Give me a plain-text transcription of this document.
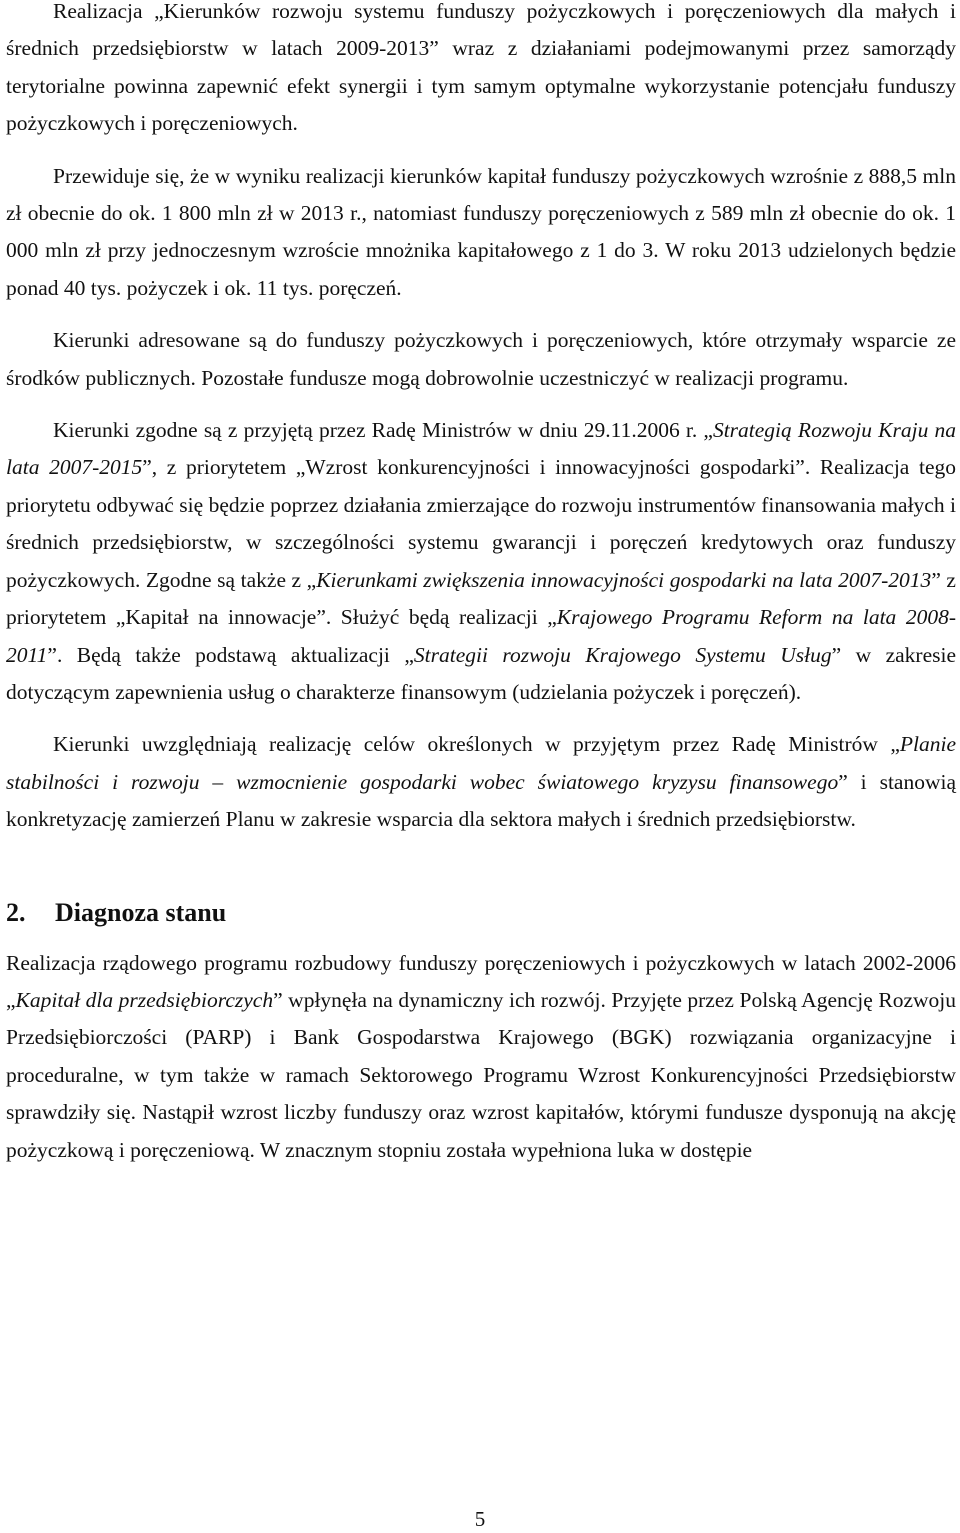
Realizacja „Kierunków rozwoju systemu funduszy pożyczkowych i poręczeniowych dla małych i średnich przedsiębiorstw w latach 2009-2013” wraz z działaniami podejmowanymi przez samorządy terytorialne powinna zapewnić efekt synergii i tym samym optymalne wykorzystanie potencjału funduszy pożyczkowych i poręczeniowych.

Przewiduje się, że w wyniku realizacji kierunków kapitał funduszy pożyczkowych wzrośnie z 888,5 mln zł obecnie do ok. 1 800 mln zł w 2013 r., natomiast funduszy poręczeniowych z 589 mln zł obecnie do ok. 1 000 mln zł przy jednoczesnym wzroście mnożnika kapitałowego z 1 do 3. W roku 2013 udzielonych będzie ponad 40 tys. pożyczek i ok. 11 tys. poręczeń.

Kierunki adresowane są do funduszy pożyczkowych i poręczeniowych, które otrzymały wsparcie ze środków publicznych. Pozostałe fundusze mogą dobrowolnie uczestniczyć w realizacji programu.

Kierunki zgodne są z przyjętą przez Radę Ministrów w dniu 29.11.2006 r. „Strategią Rozwoju Kraju na lata 2007-2015”, z priorytetem „Wzrost konkurencyjności i innowacyjności gospodarki”. Realizacja tego priorytetu odbywać się będzie poprzez działania zmierzające do rozwoju instrumentów finansowania małych i średnich przedsiębiorstw, w szczególności systemu gwarancji i poręczeń kredytowych oraz funduszy pożyczkowych. Zgodne są także z „Kierunkami zwiększenia innowacyjności gospodarki na lata 2007-2013” z priorytetem „Kapitał na innowacje”. Służyć będą realizacji „Krajowego Programu Reform na lata 2008-2011”. Będą także podstawą aktualizacji „Strategii rozwoju Krajowego Systemu Usług” w zakresie dotyczącym zapewnienia usług o charakterze finansowym (udzielania pożyczek i poręczeń).

Kierunki uwzględniają realizację celów określonych w przyjętym przez Radę Ministrów „Planie stabilności i rozwoju – wzmocnienie gospodarki wobec światowego kryzysu finansowego” i stanowią konkretyzację zamierzeń Planu w zakresie wsparcia dla sektora małych i średnich przedsiębiorstw.

2. Diagnoza stanu

Realizacja rządowego programu rozbudowy funduszy poręczeniowych i pożyczkowych w latach 2002-2006 „Kapitał dla przedsiębiorczych” wpłynęła na dynamiczny ich rozwój. Przyjęte przez Polską Agencję Rozwoju Przedsiębiorczości (PARP) i Bank Gospodarstwa Krajowego (BGK) rozwiązania organizacyjne i proceduralne, w tym także w ramach Sektorowego Programu Wzrost Konkurencyjności Przedsiębiorstw sprawdziły się. Nastąpił wzrost liczby funduszy oraz wzrost kapitałów, którymi fundusze dysponują na akcję pożyczkową i poręczeniową. W znacznym stopniu została wypełniona luka w dostępie

5
